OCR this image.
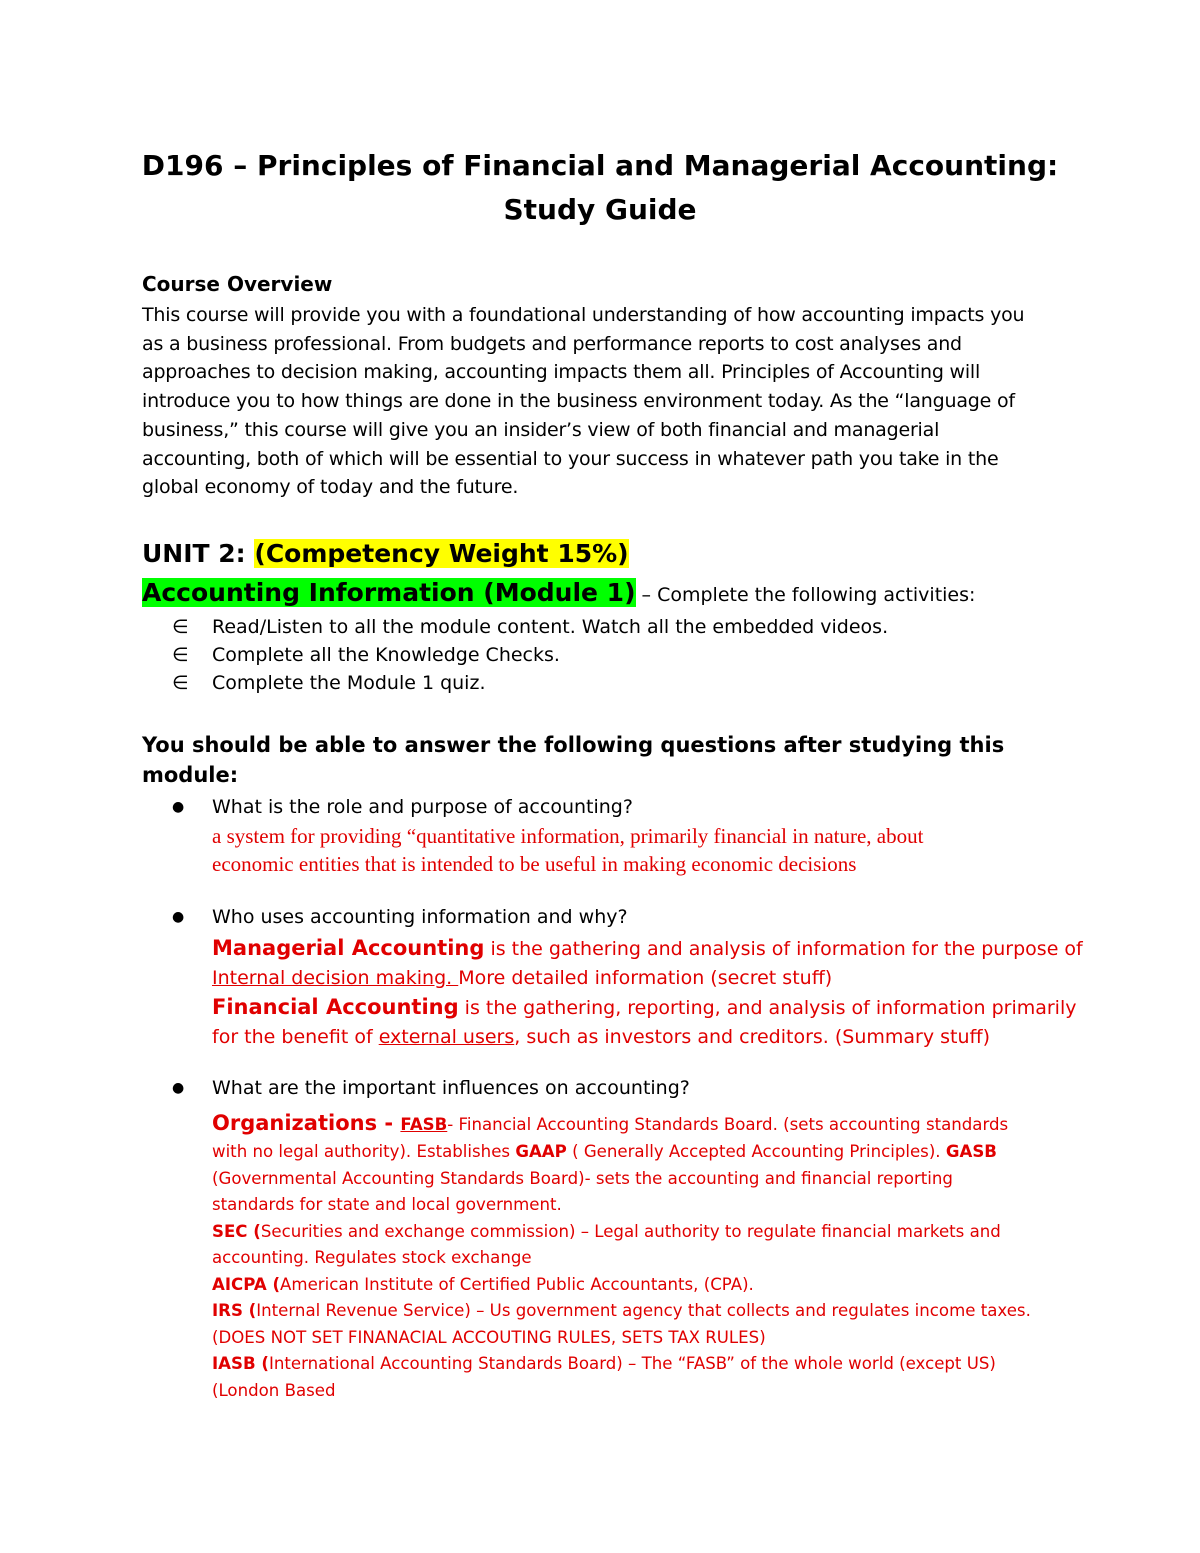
D196 – Principles of Financial and Managerial Accounting:
Study Guide
Course Overview
This course will provide you with a foundational understanding of how accounting impacts you
as a business professional. From budgets and performance reports to cost analyses and
approaches to decision making, accounting impacts them all. Principles of Accounting will
introduce you to how things are done in the business environment today. As the “language of
business,” this course will give you an insider’s view of both financial and managerial
accounting, both of which will be essential to your success in whatever path you take in the
global economy of today and the future.
UNIT 2: (Competency Weight 15%)
Accounting Information (Module 1) – Complete the following activities:
∈ Read/Listen to all the module content. Watch all the embedded videos.
∈ Complete all the Knowledge Checks.
∈ Complete the Module 1 quiz.
You should be able to answer the following questions after studying this
module:
● What is the role and purpose of accounting?
a system for providing “quantitative information, primarily financial in nature, about
economic entities that is intended to be useful in making economic decisions
● Who uses accounting information and why?
Managerial Accounting is the gathering and analysis of information for the purpose of
Internal decision making. More detailed information (secret stuff)
Financial Accounting is the gathering, reporting, and analysis of information primarily
for the benefit of external users, such as investors and creditors. (Summary stuff)
● What are the important influences on accounting?
Organizations - FASB- Financial Accounting Standards Board. (sets accounting standards
with no legal authority). Establishes GAAP ( Generally Accepted Accounting Principles). GASB
(Governmental Accounting Standards Board)- sets the accounting and financial reporting
standards for state and local government.
SEC (Securities and exchange commission) – Legal authority to regulate financial markets and
accounting. Regulates stock exchange
AICPA (American Institute of Certified Public Accountants, (CPA).
IRS (Internal Revenue Service) – Us government agency that collects and regulates income taxes.
(DOES NOT SET FINANACIAL ACCOUTING RULES, SETS TAX RULES)
IASB (International Accounting Standards Board) – The “FASB” of the whole world (except US)
(London Based
